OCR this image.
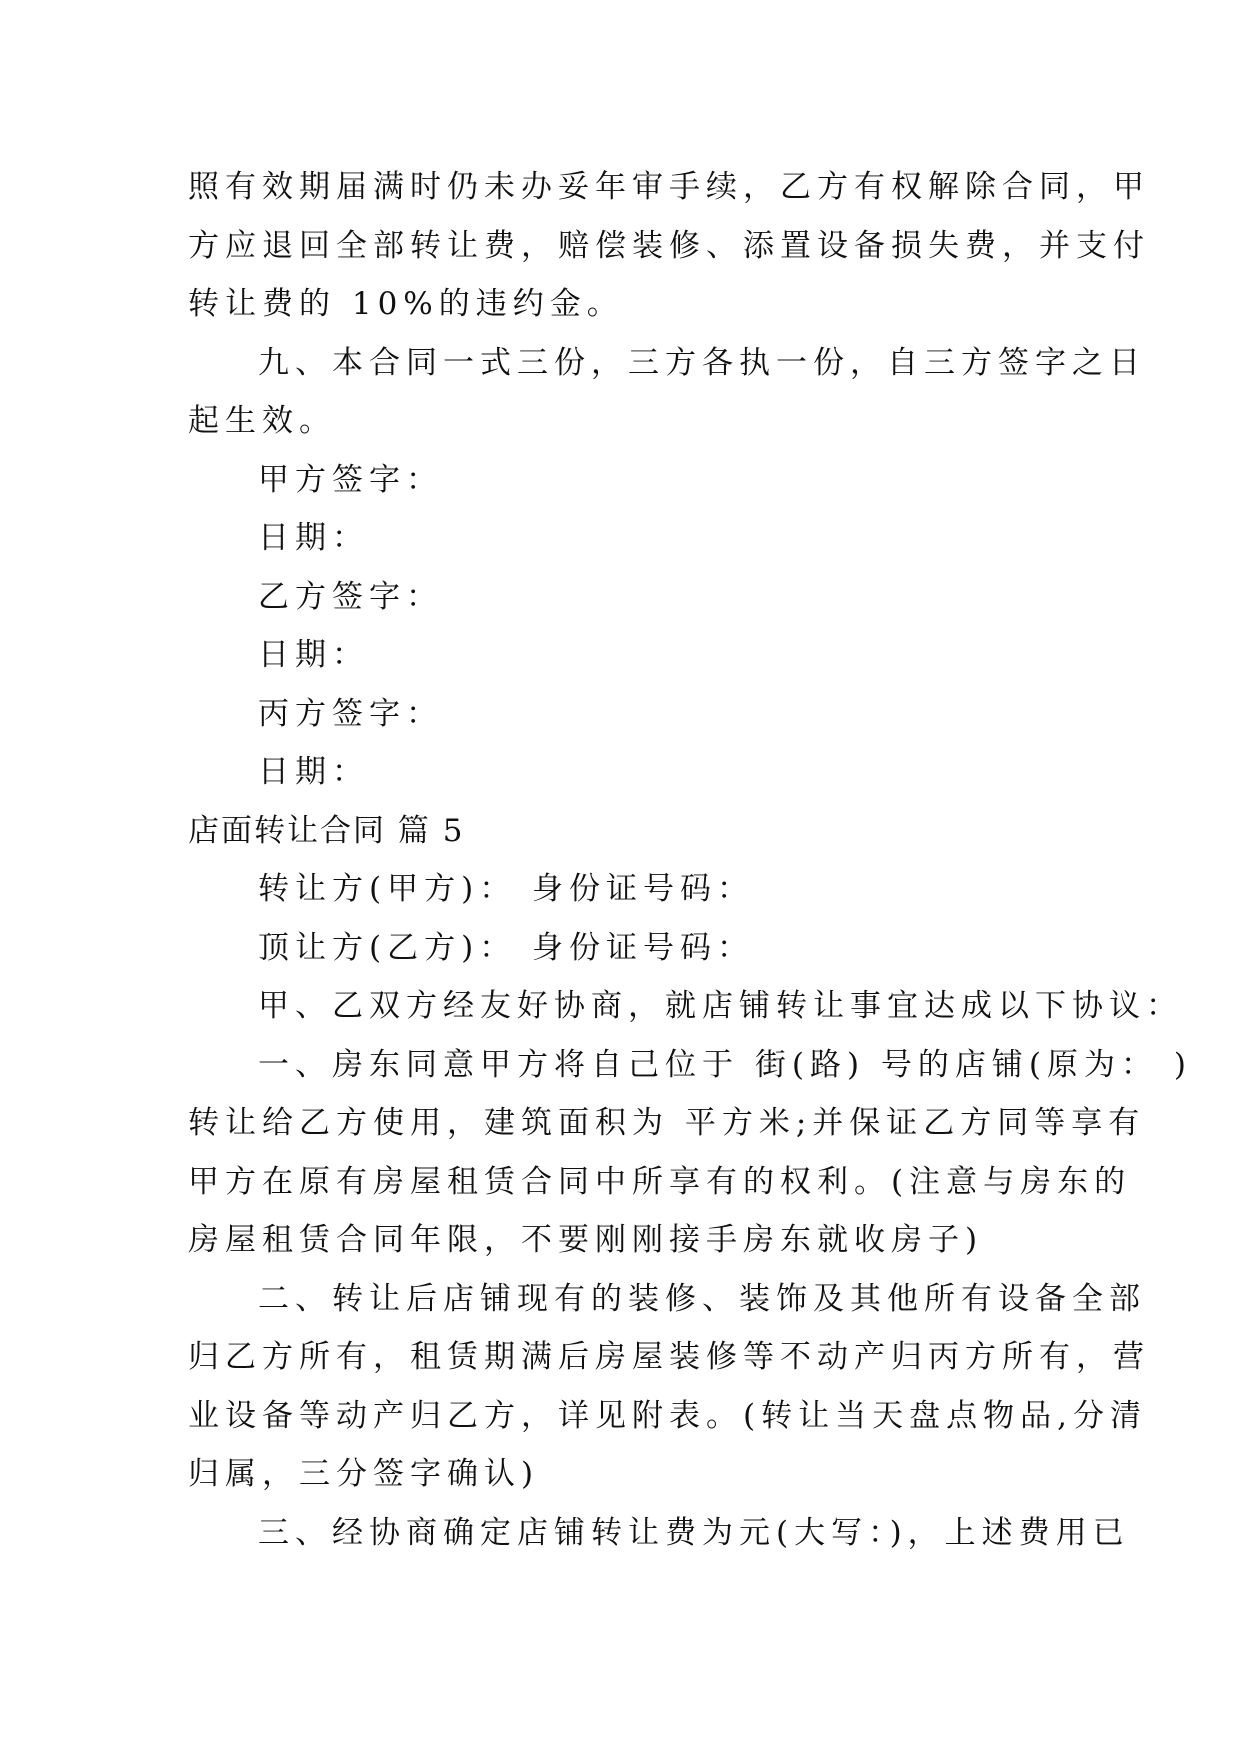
照有效期届满时仍未办妥年审手续，乙方有权解除合同，甲
方应退回全部转让费，赔偿装修、添置设备损失费，并支付
转让费的 10%的违约金。
九、本合同一式三份，三方各执一份，自三方签字之日
起生效。
甲方签字：
日期：
乙方签字：
日期：
丙方签字：
日期：
店面转让合同 篇 5
转让方(甲方)： 身份证号码：
顶让方(乙方)： 身份证号码：
甲、乙双方经友好协商，就店铺转让事宜达成以下协议：
一、房东同意甲方将自己位于 街(路) 号的店铺(原为： )
转让给乙方使用，建筑面积为 平方米;并保证乙方同等享有
甲方在原有房屋租赁合同中所享有的权利。(注意与房东的
房屋租赁合同年限，不要刚刚接手房东就收房子)
二、转让后店铺现有的装修、装饰及其他所有设备全部
归乙方所有，租赁期满后房屋装修等不动产归丙方所有，营
业设备等动产归乙方，详见附表。(转让当天盘点物品,分清
归属，三分签字确认)
三、经协商确定店铺转让费为元(大写：)，上述费用已
